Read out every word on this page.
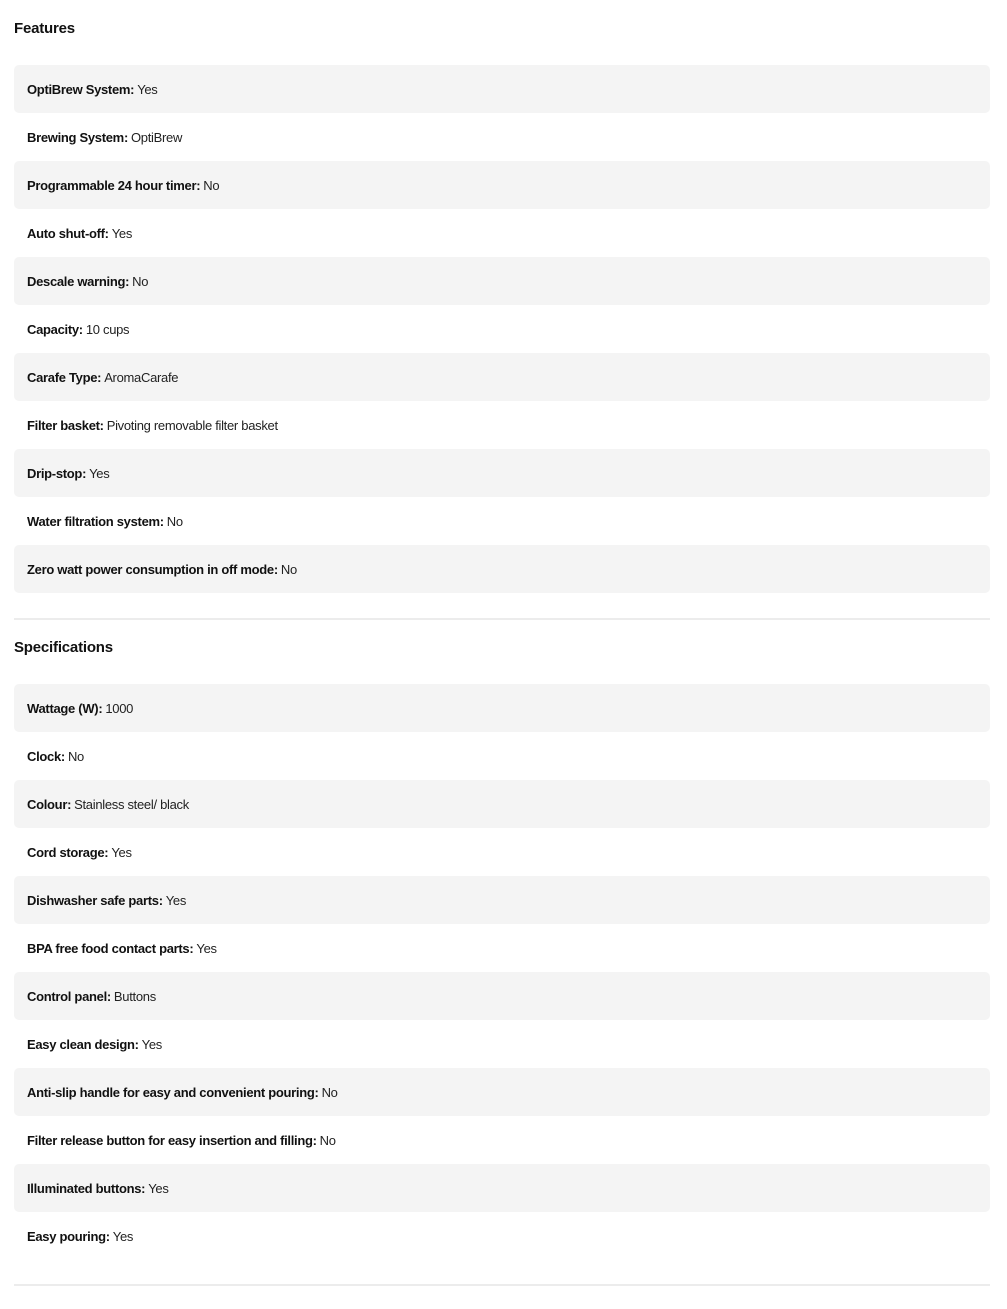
Features
OptiBrew System: Yes
Brewing System: OptiBrew
Programmable 24 hour timer: No
Auto shut-off: Yes
Descale warning: No
Capacity: 10 cups
Carafe Type: AromaCarafe
Filter basket: Pivoting removable filter basket
Drip-stop: Yes
Water filtration system: No
Zero watt power consumption in off mode: No
Specifications
Wattage (W): 1000
Clock: No
Colour: Stainless steel/ black
Cord storage: Yes
Dishwasher safe parts: Yes
BPA free food contact parts: Yes
Control panel: Buttons
Easy clean design: Yes
Anti-slip handle for easy and convenient pouring: No
Filter release button for easy insertion and filling: No
Illuminated buttons: Yes
Easy pouring: Yes
